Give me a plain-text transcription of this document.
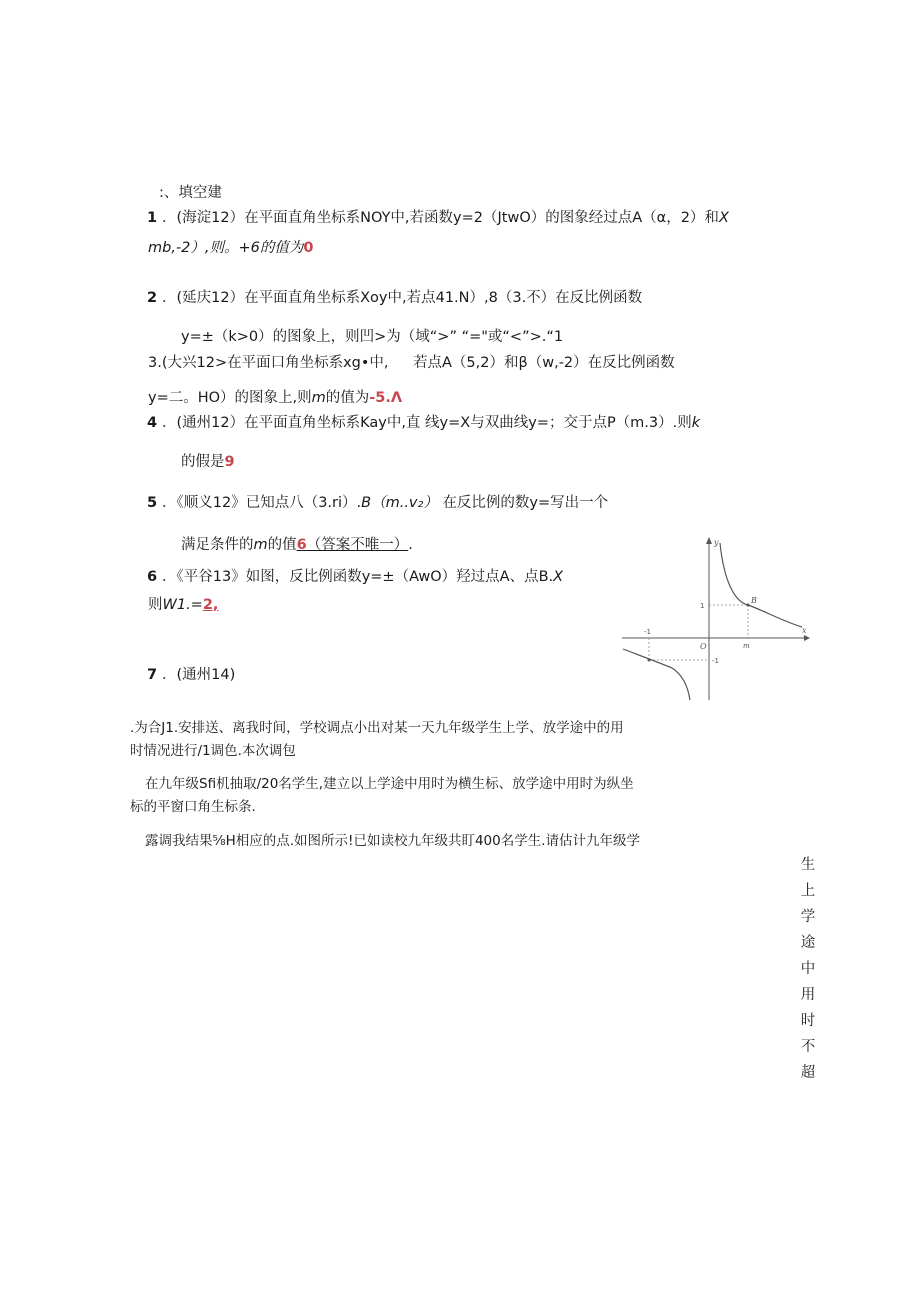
:、填空建
1 ．(海淀12）在平面直角坐标系NOY中,若函数y=2（JtwO）的图象经过点A（α，2）和X
mb,-2）,则。+6的值为0
2 ．(延庆12）在平面直角坐标系Xoy中,若点41.N）,8（3.不）在反比例函数
y=±（k>0）的图象上，则凹>为（域“>” “="或“<”>.“1
3.(大兴12>在平面口角坐标系xg•中, 若点A（5,2）和β（w,-2）在反比例函数
y=二。HO）的图象上,则m的值为-5.Λ
4 ．(通州12）在平面直角坐标系Kay中,直 线y=X与双曲线y=；交于点P（m.3）.则k
的假是9
5 ．《顺义12》已知点八（3.ri）.B（m..v₂） 在反比例的数y=写出一个
满足条件的m的值6（答案不唯一）.
6 ．《平谷13》如图，反比例函数y=±（AwO）羟过点A、点B.X
则W1.=2,
y
x
O
B
-1
1
m
-1
7 ．(通州14)
.为合J1.安排送、离我时间，学校调点小出对某一天九年级学生上学、放学途中的用
时情况进行/1调色.本次调包
在九年级Sfi机抽取/20名学生,建立以上学途中用时为横生标、放学途中用时为纵坐
标的平窗口角生标条.
露调我结果⅝H相应的点.如图所示!已如读校九年级共盯400名学生.请估计九年级学
生
上
学
途
中
用
时
不
超
